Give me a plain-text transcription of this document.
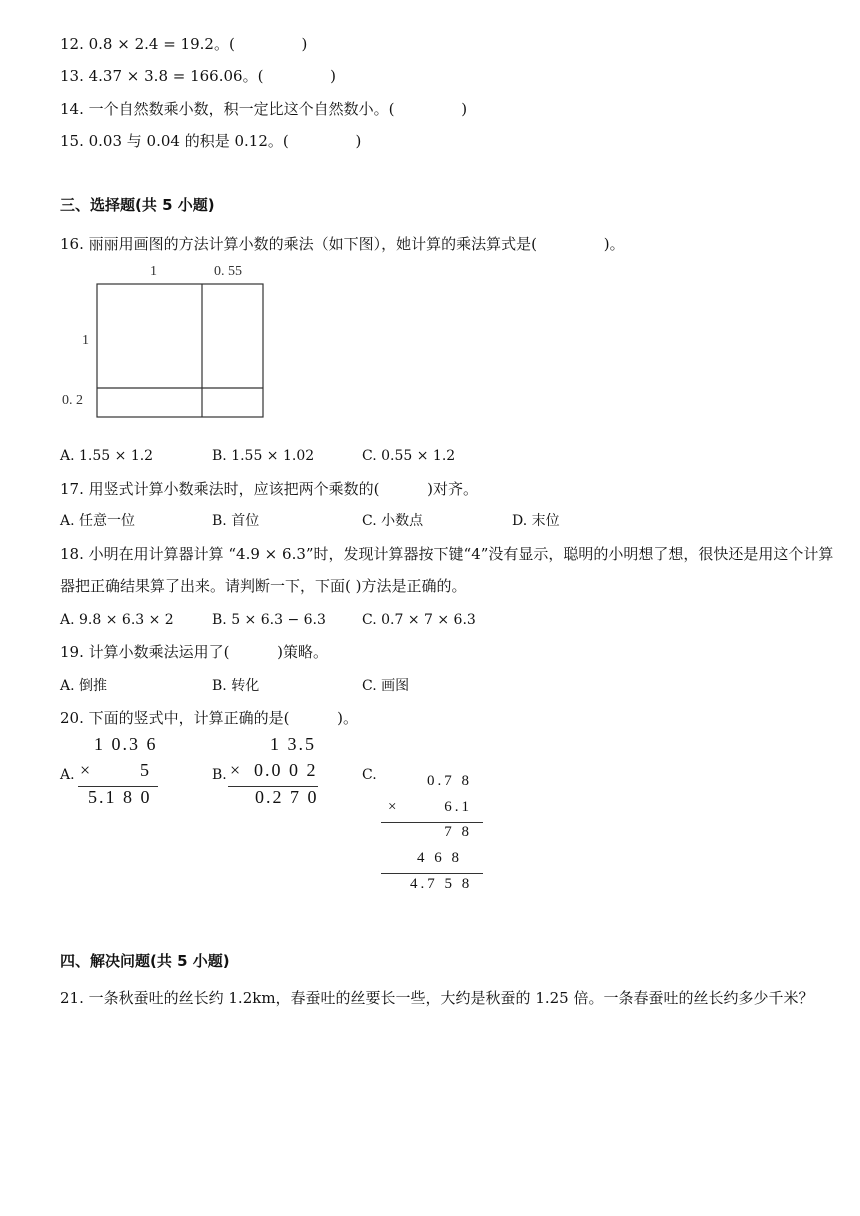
12. 0.8 × 2.4 = 19.2。(              )
13. 4.37 × 3.8 = 166.06。(              )
14. 一个自然数乘小数，积一定比这个自然数小。(              )
15. 0.03 与 0.04 的积是 0.12。(              )
三、选择题(共 5 小题)
16. 丽丽用画图的方法计算小数的乘法（如下图），她计算的乘法算式是(              )。
1	0. 55
1
0. 2
A. 1.55 × 1.2	B. 1.55 × 1.02	C. 0.55 × 1.2
17. 用竖式计算小数乘法时，应该把两个乘数的(          )对齐。
A. 任意一位	B. 首位	C. 小数点	D. 末位
18. 小明在用计算器计算 “4.9 × 6.3”时，发现计算器按下键“4”没有显示，聪明的小明想了想，很快还是用这个计算器把正确结果算了出来。请判断一下，下面( )方法是正确的。
A. 9.8 × 6.3 × 2	B. 5 × 6.3 − 6.3	C. 0.7 × 7 × 6.3
19. 计算小数乘法运用了(          )策略。
A. 倒推	B. 转化	C. 画图
20. 下面的竖式中，计算正确的是(          )。
A.
1 0.3 6
×	5
5.1 8 0
B.
1 3.5
× 0.0 0 2
0.2 7 0
C.	0.7 8
×	6.1
7 8
4 6 8
4.7 5 8
四、解决问题(共 5 小题)
21. 一条秋蚕吐的丝长约 1.2km，春蚕吐的丝要长一些，大约是秋蚕的 1.25 倍。一条春蚕吐的丝长约多少千米？
